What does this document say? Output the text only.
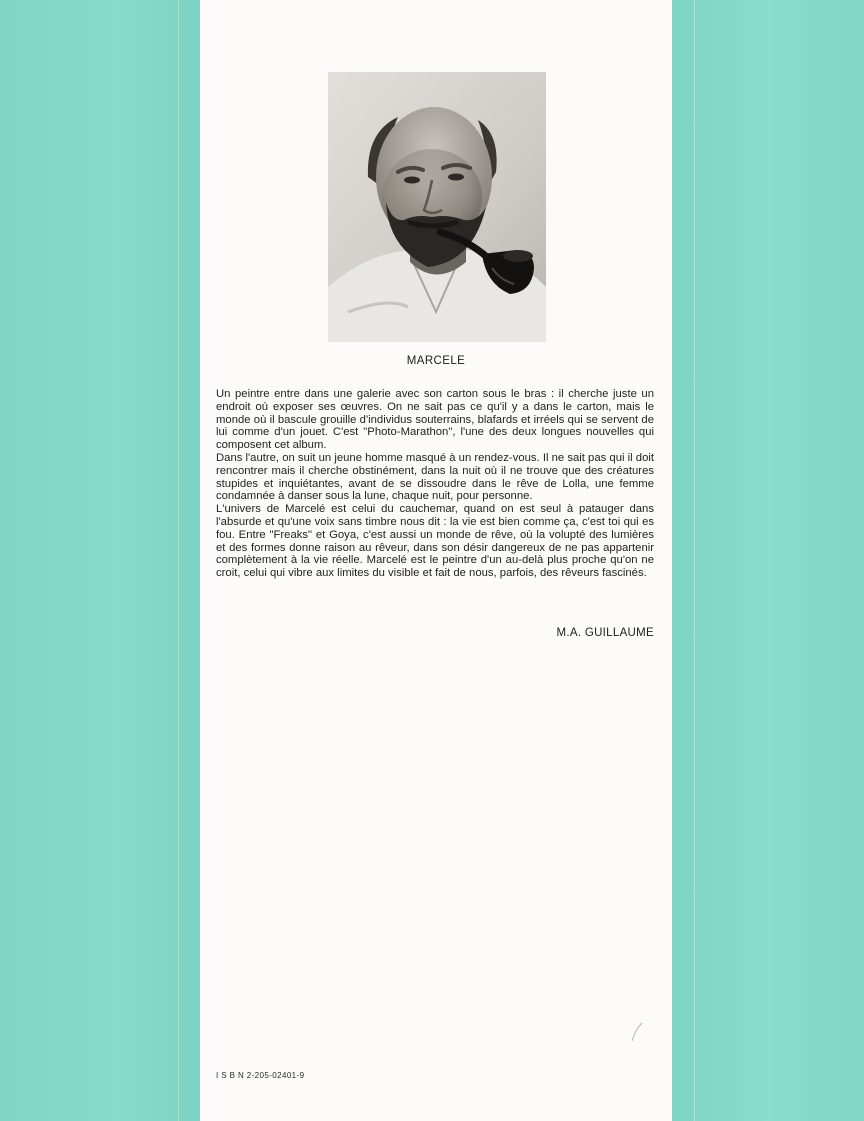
MARCELE

Un peintre entre dans une galerie avec son carton sous le bras : il cherche juste un endroit où exposer ses œuvres. On ne sait pas ce qu'il y a dans le carton, mais le monde où il bascule grouille d'individus souterrains, blafards et irréels qui se servent de lui comme d'un jouet. C'est "Photo-Marathon", l'une des deux longues nouvelles qui composent cet album.

Dans l'autre, on suit un jeune homme masqué à un rendez-vous. Il ne sait pas qui il doit rencontrer mais il cherche obstinément, dans la nuit où il ne trouve que des créatures stupides et inquiétantes, avant de se dissoudre dans le rêve de Lolla, une femme condamnée à danser sous la lune, chaque nuit, pour personne.

L'univers de Marcelé est celui du cauchemar, quand on est seul à patauger dans l'absurde et qu'une voix sans timbre nous dit : la vie est bien comme ça, c'est toi qui es fou. Entre "Freaks" et Goya, c'est aussi un monde de rêve, où la volupté des lumières et des formes donne raison au rêveur, dans son désir dangereux de ne pas appartenir complètement à la vie réelle. Marcelé est le peintre d'un au-delà plus proche qu'on ne croit, celui qui vibre aux limites du visible et fait de nous, parfois, des rêveurs fascinés.

M.A. GUILLAUME
I S B N 2-205-02401-9
